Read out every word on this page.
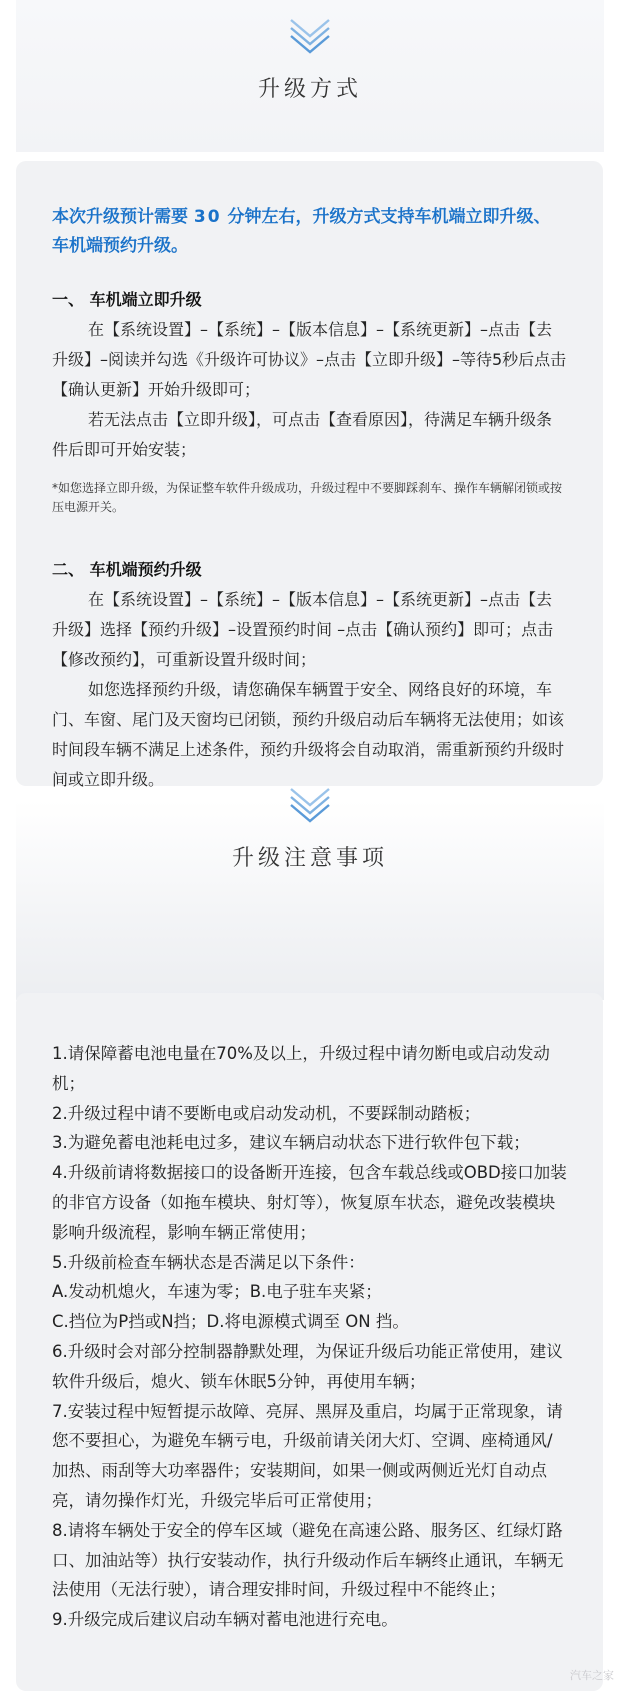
升级方式

本次升级预计需要 30 分钟左右，升级方式支持车机端立即升级、车机端预约升级。

一、 车机端立即升级

在【系统设置】–【系统】–【版本信息】–【系统更新】–点击【去升级】–阅读并勾选《升级许可协议》–点击【立即升级】–等待5秒后点击【确认更新】开始升级即可；

若无法点击【立即升级】，可点击【查看原因】，待满足车辆升级条件后即可开始安装；

*如您选择立即升级，为保证整车软件升级成功，升级过程中不要脚踩刹车、操作车辆解闭锁或按压电源开关。

二、 车机端预约升级

在【系统设置】–【系统】–【版本信息】–【系统更新】–点击【去升级】选择【预约升级】–设置预约时间 –点击【确认预约】即可；点击【修改预约】，可重新设置升级时间；

如您选择预约升级，请您确保车辆置于安全、网络良好的环境，车门、车窗、尾门及天窗均已闭锁，预约升级启动后车辆将无法使用；如该时间段车辆不满足上述条件，预约升级将会自动取消，需重新预约升级时间或立即升级。

升级注意事项

1.请保障蓄电池电量在70%及以上，升级过程中请勿断电或启动发动机；

2.升级过程中请不要断电或启动发动机，不要踩制动踏板；

3.为避免蓄电池耗电过多，建议车辆启动状态下进行软件包下载；

4.升级前请将数据接口的设备断开连接，包含车载总线或OBD接口加装的非官方设备（如拖车模块、射灯等），恢复原车状态，避免改装模块影响升级流程，影响车辆正常使用；

5.升级前检查车辆状态是否满足以下条件：

A.发动机熄火，车速为零；B.电子驻车夹紧；

C.挡位为P挡或N挡；D.将电源模式调至 ON 挡。

6.升级时会对部分控制器静默处理，为保证升级后功能正常使用，建议软件升级后，熄火、锁车休眠5分钟，再使用车辆；

7.安装过程中短暂提示故障、亮屏、黑屏及重启，均属于正常现象，请您不要担心，为避免车辆亏电，升级前请关闭大灯、空调、座椅通风/加热、雨刮等大功率器件；安装期间，如果一侧或两侧近光灯自动点亮，请勿操作灯光，升级完毕后可正常使用；

8.请将车辆处于安全的停车区域（避免在高速公路、服务区、红绿灯路口、加油站等）执行安装动作，执行升级动作后车辆终止通讯，车辆无法使用（无法行驶），请合理安排时间，升级过程中不能终止；

9.升级完成后建议启动车辆对蓄电池进行充电。

汽车之家
